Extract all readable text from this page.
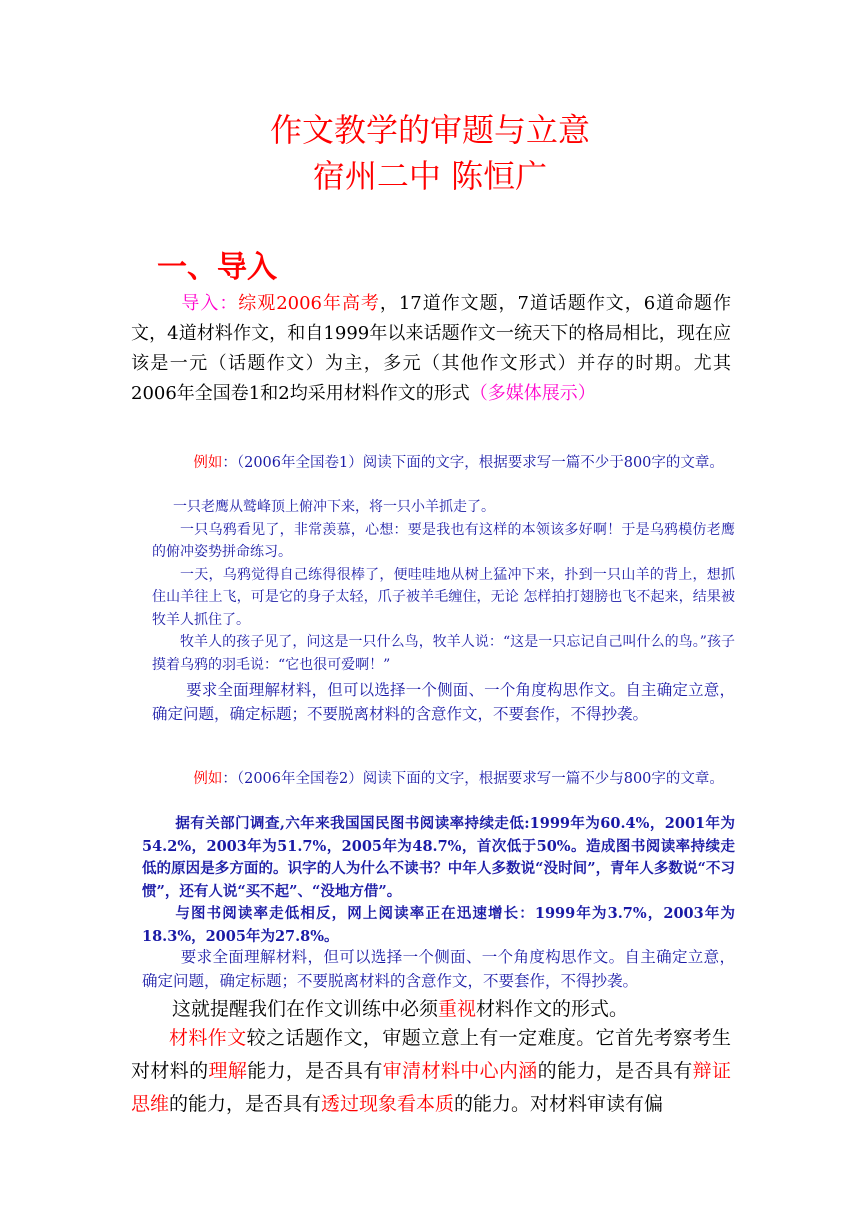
作文教学的审题与立意
宿州二中 陈恒广
一、导入
导入：综观2006年高考，17道作文题，7道话题作文，6道命题作文，4道材料作文，和自1999年以来话题作文一统天下的格局相比，现在应该是一元（话题作文）为主，多元（其他作文形式）并存的时期。尤其2006年全国卷1和2均采用材料作文的形式（多媒体展示）

例如：（2006年全国卷1）阅读下面的文字，根据要求写一篇不少于800字的文章。

一只老鹰从鹫峰顶上俯冲下来，将一只小羊抓走了。

一只乌鸦看见了，非常羡慕，心想：要是我也有这样的本领该多好啊！于是乌鸦模仿老鹰的俯冲姿势拼命练习。

一天，乌鸦觉得自己练得很棒了，便哇哇地从树上猛冲下来，扑到一只山羊的背上，想抓住山羊往上飞，可是它的身子太轻，爪子被羊毛缠住，无论 怎样拍打翅膀也飞不起来，结果被牧羊人抓住了。

牧羊人的孩子见了，问这是一只什么鸟，牧羊人说：“这是一只忘记自己叫什么的鸟。”孩子摸着乌鸦的羽毛说：“它也很可爱啊！”

要求全面理解材料，但可以选择一个侧面、一个角度构思作文。自主确定立意，确定问题，确定标题；不要脱离材料的含意作文，不要套作，不得抄袭。

例如：（2006年全国卷2）阅读下面的文字，根据要求写一篇不少与800字的文章。

据有关部门调查,六年来我国国民图书阅读率持续走低:1999年为60.4%，2001年为54.2%，2003年为51.7%，2005年为48.7%，首次低于50%。造成图书阅读率持续走低的原因是多方面的。识字的人为什么不读书？中年人多数说“没时间”，青年人多数说“不习惯”，还有人说“买不起”、“没地方借”。

与图书阅读率走低相反，网上阅读率正在迅速增长：1999年为3.7%，2003年为18.3%，2005年为27.8%。

要求全面理解材料，但可以选择一个侧面、一个角度构思作文。自主确定立意，确定问题，确定标题；不要脱离材料的含意作文，不要套作，不得抄袭。

这就提醒我们在作文训练中必须重视材料作文的形式。
材料作文较之话题作文，审题立意上有一定难度。它首先考察考生对材料的理解能力，是否具有审清材料中心内涵的能力，是否具有辩证思维的能力，是否具有透过现象看本质的能力。对材料审读有偏
